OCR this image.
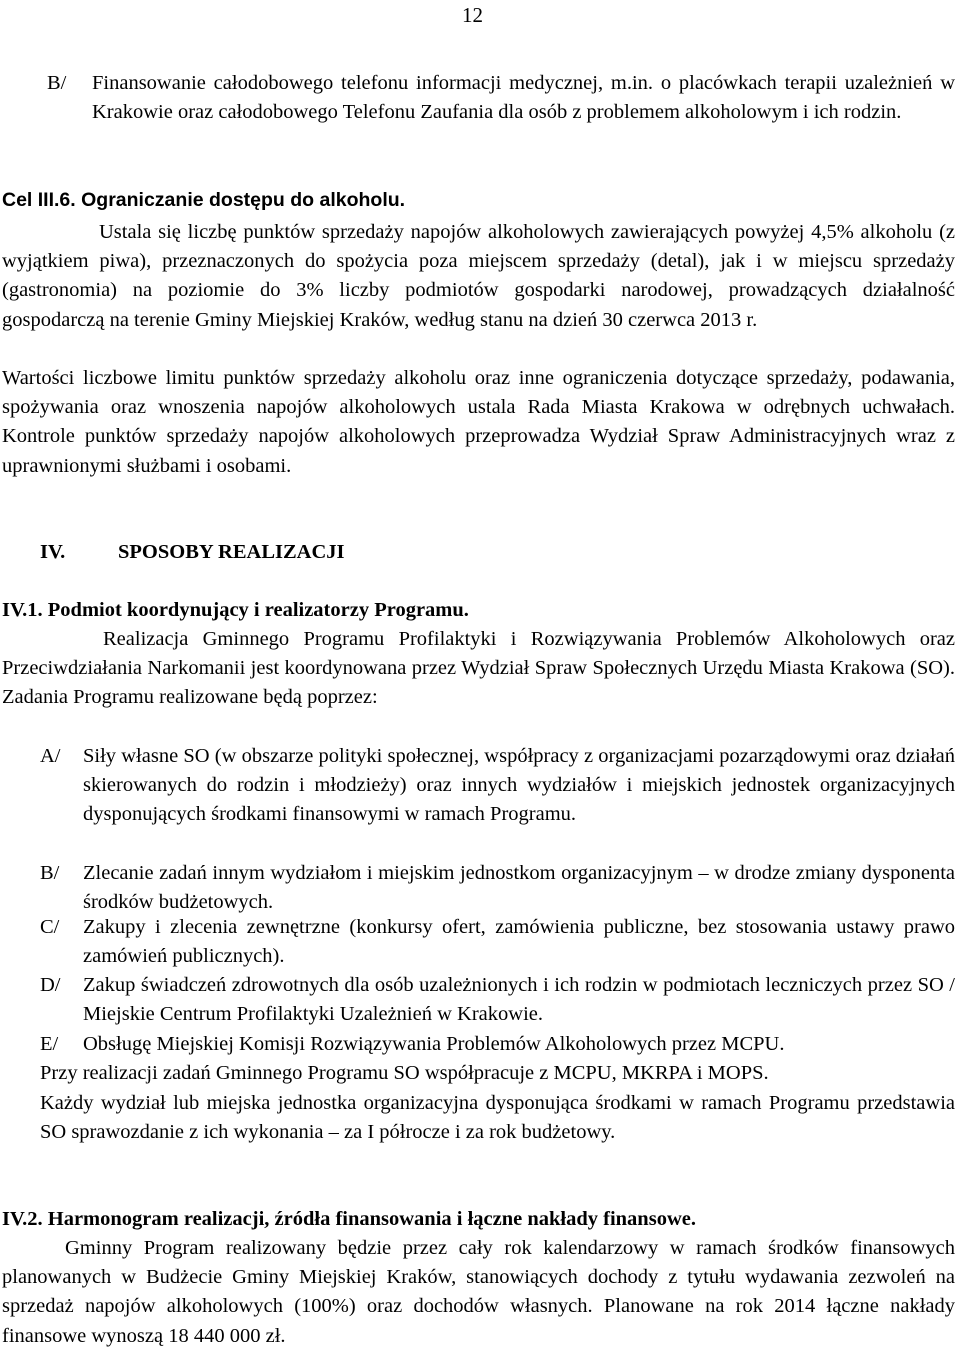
12
B/ Finansowanie całodobowego telefonu informacji medycznej, m.in. o placówkach terapii uzależnień w Krakowie oraz całodobowego Telefonu Zaufania dla osób z problemem alkoholowym i ich rodzin.
Cel III.6. Ograniczanie dostępu do alkoholu.

Ustala się liczbę punktów sprzedaży napojów alkoholowych zawierających powyżej 4,5% alkoholu (z wyjątkiem piwa), przeznaczonych do spożycia poza miejscem sprzedaży (detal), jak i w miejscu sprzedaży (gastronomia) na poziomie do 3% liczby podmiotów gospodarki narodowej, prowadzących działalność gospodarczą na terenie Gminy Miejskiej Kraków, według stanu na dzień 30 czerwca 2013 r.

Wartości liczbowe limitu punktów sprzedaży alkoholu oraz inne ograniczenia dotyczące sprzedaży, podawania, spożywania oraz wnoszenia napojów alkoholowych ustala Rada Miasta Krakowa w odrębnych uchwałach. Kontrole punktów sprzedaży napojów alkoholowych przeprowadza Wydział Spraw Administracyjnych wraz z uprawnionymi służbami i osobami.

IV.	SPOSOBY REALIZACJI
IV.1. Podmiot koordynujący i realizatorzy Programu.

Realizacja Gminnego Programu Profilaktyki i Rozwiązywania Problemów Alkoholowych oraz Przeciwdziałania Narkomanii jest koordynowana przez Wydział Spraw Społecznych Urzędu Miasta Krakowa (SO). Zadania Programu realizowane będą poprzez:

A/ Siły własne SO (w obszarze polityki społecznej, współpracy z organizacjami pozarządowymi oraz działań skierowanych do rodzin i młodzieży) oraz innych wydziałów i miejskich jednostek organizacyjnych dysponujących środkami finansowymi w ramach Programu.
B/ Zlecanie zadań innym wydziałom i miejskim jednostkom organizacyjnym – w drodze zmiany dysponenta środków budżetowych.
C/ Zakupy i zlecenia zewnętrzne (konkursy ofert, zamówienia publiczne, bez stosowania ustawy prawo zamówień publicznych).
D/ Zakup świadczeń zdrowotnych dla osób uzależnionych i ich rodzin w podmiotach leczniczych przez SO / Miejskie Centrum Profilaktyki Uzależnień w Krakowie.
E/ Obsługę Miejskiej Komisji Rozwiązywania Problemów Alkoholowych przez MCPU.
Przy realizacji zadań Gminnego Programu SO współpracuje z MCPU, MKRPA i MOPS.
Każdy wydział lub miejska jednostka organizacyjna dysponująca środkami w ramach Programu przedstawia SO sprawozdanie z ich wykonania – za I półrocze i za rok budżetowy.
IV.2. Harmonogram realizacji, źródła finansowania i łączne nakłady finansowe.

Gminny Program realizowany będzie przez cały rok kalendarzowy w ramach środków finansowych planowanych w Budżecie Gminy Miejskiej Kraków, stanowiących dochody z tytułu wydawania zezwoleń na sprzedaż napojów alkoholowych (100%) oraz dochodów własnych. Planowane na rok 2014 łączne nakłady finansowe wynoszą 18 440 000 zł.
